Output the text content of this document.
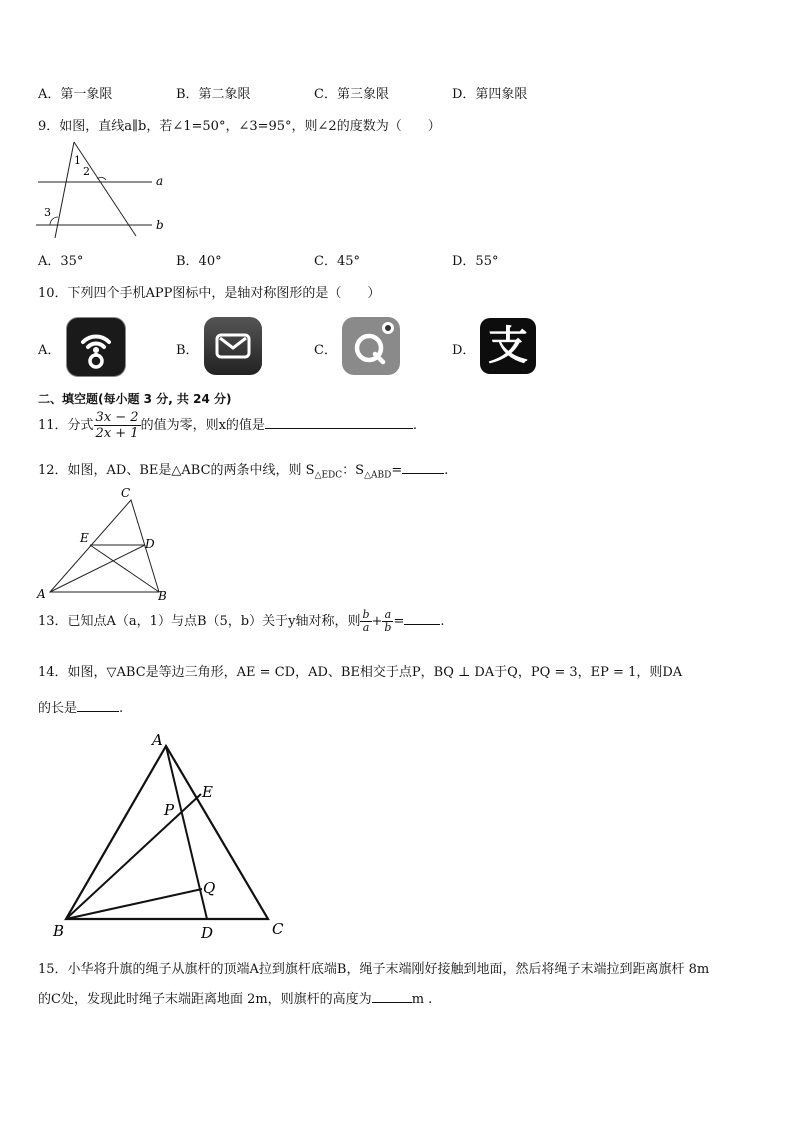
A．第一象限	B．第二象限	C．第三象限	D．第四象限
9．如图，直线a∥b，若∠1=50°，∠3=95°，则∠2的度数为（　　）
1
2
3
a
b
A．35°	B．40°	C．45°	D．55°
10．下列四个手机APP图标中，是轴对称图形的是（　　）
A．	B．	C．	D． 支
二、填空题(每小题 3 分, 共 24 分)
11．分式 $\frac{3x - 2}{2x + 1}$ 的值为零，则x的值是	.
12．如图，AD、BE是△ABC的两条中线，则 $S_{\triangle EDC}$：$S_{\triangle ABD}=$	.
C
E	D
A	B
13．已知点A（a，1）与点B（5，b）关于y轴对称，则 $\frac{b}{a} + \frac{a}{b}$ =	.
14．如图，▽ABC是等边三角形，AE = CD，AD、BE相交于点P，BQ ⊥ DA于Q，PQ = 3，EP = 1，则DA
的长是	.
A
E
P
Q
B	D	C
15．小华将升旗的绳子从旗杆的顶端A拉到旗杆底端B，绳子末端刚好接触到地面，然后将绳子末端拉到距离旗杆 8m
的C处，发现此时绳子末端距离地面 2m，则旗杆的高度为	m .
